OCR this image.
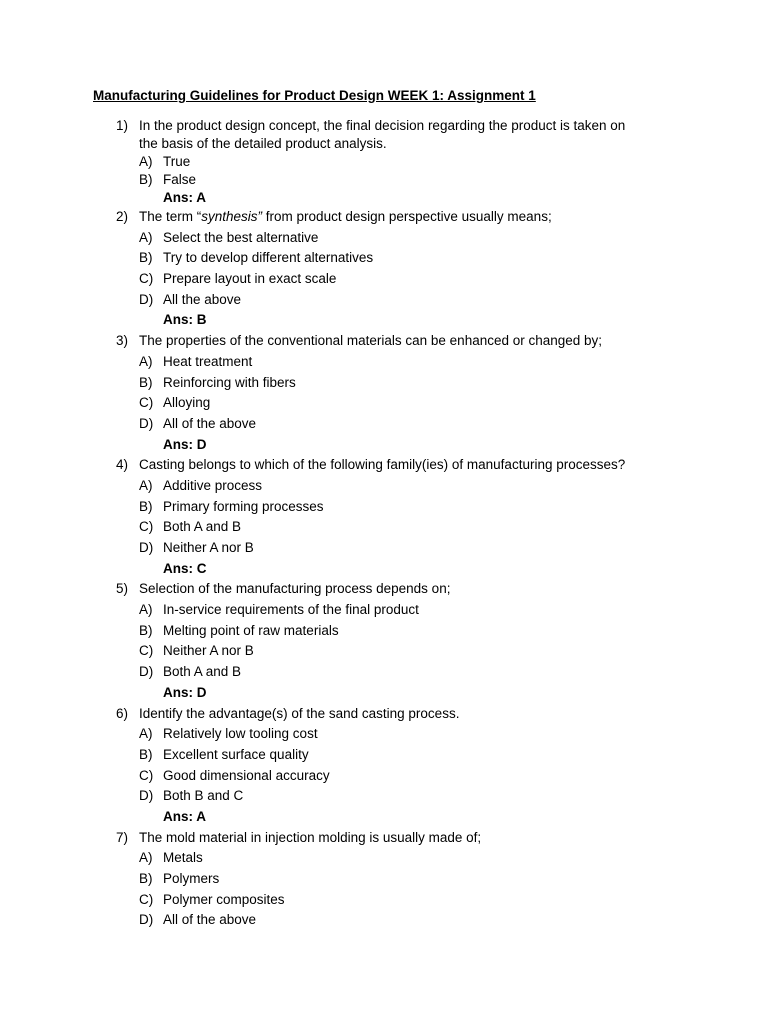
Manufacturing Guidelines for Product Design WEEK 1: Assignment 1
1) In the product design concept, the final decision regarding the product is taken on
the basis of the detailed product analysis.
A) True
B) False
Ans: A
2) The term “synthesis” from product design perspective usually means;
A) Select the best alternative
B) Try to develop different alternatives
C) Prepare layout in exact scale
D) All the above
Ans: B
3) The properties of the conventional materials can be enhanced or changed by;
A) Heat treatment
B) Reinforcing with fibers
C) Alloying
D) All of the above
Ans: D
4) Casting belongs to which of the following family(ies) of manufacturing processes?
A) Additive process
B) Primary forming processes
C) Both A and B
D) Neither A nor B
Ans: C
5) Selection of the manufacturing process depends on;
A) In-service requirements of the final product
B) Melting point of raw materials
C) Neither A nor B
D) Both A and B
Ans: D
6) Identify the advantage(s) of the sand casting process.
A) Relatively low tooling cost
B) Excellent surface quality
C) Good dimensional accuracy
D) Both B and C
Ans: A
7) The mold material in injection molding is usually made of;
A) Metals
B) Polymers
C) Polymer composites
D) All of the above
